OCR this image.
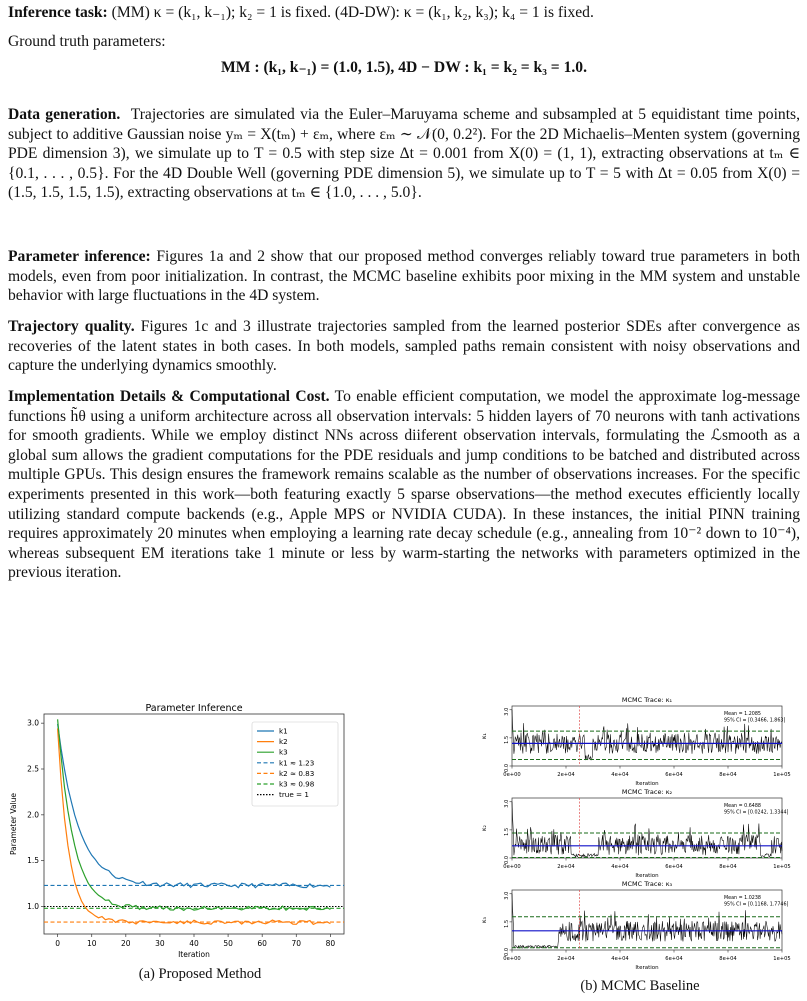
Inference task: (MM) κ = (k₁, k₋₁); k₂ = 1 is fixed. (4D-DW): κ = (k₁, k₂, k₃); k₄ = 1 is fixed.

Ground truth parameters:

MM : (k₁, k₋₁) = (1.0, 1.5), 4D − DW : k₁ = k₂ = k₃ = 1.0.

Data generation. Trajectories are simulated via the Euler–Maruyama scheme and subsampled at 5 equidistant time points, subject to additive Gaussian noise yₘ = X(tₘ) + εₘ, where εₘ ∼ 𝒩(0, 0.2²). For the 2D Michaelis–Menten system (governing PDE dimension 3), we simulate up to T = 0.5 with step size Δt = 0.001 from X(0) = (1, 1), extracting observations at tₘ ∈ {0.1, . . . , 0.5}. For the 4D Double Well (governing PDE dimension 5), we simulate up to T = 5 with Δt = 0.05 from X(0) = (1.5, 1.5, 1.5, 1.5), extracting observations at tₘ ∈ {1.0, . . . , 5.0}.

Parameter inference: Figures 1a and 2 show that our proposed method converges reliably toward true parameters in both models, even from poor initialization. In contrast, the MCMC baseline exhibits poor mixing in the MM system and unstable behavior with large fluctuations in the 4D system.

Trajectory quality. Figures 1c and 3 illustrate trajectories sampled from the learned posterior SDEs after convergence as recoveries of the latent states in both cases. In both models, sampled paths remain consistent with noisy observations and capture the underlying dynamics smoothly.

Implementation Details & Computational Cost. To enable efficient computation, we model the approximate log-message functions h̃θ using a uniform architecture across all observation intervals: 5 hidden layers of 70 neurons with tanh activations for smooth gradients. While we employ distinct NNs across diiferent observation intervals, formulating the ℒsmooth as a global sum allows the gradient computations for the PDE residuals and jump conditions to be batched and distributed across multiple GPUs. This design ensures the framework remains scalable as the number of observations increases. For the specific experiments presented in this work—both featuring exactly 5 sparse observations—the method executes efficiently locally utilizing standard compute backends (e.g., Apple MPS or NVIDIA CUDA). In these instances, the initial PINN training requires approximately 20 minutes when employing a learning rate decay schedule (e.g., annealing from 10⁻² down to 10⁻⁴), whereas subsequent EM iterations take 1 minute or less by warm-starting the networks with parameters optimized in the previous iteration.

Parameter Inference
0	10	20	30	40	50	60	70	80
1.0
1.5
2.0
2.5
3.0
Iteration
Parameter Value
k1
k2
k3
k1 ≈ 1.23
k2 ≈ 0.83
k3 ≈ 0.98
true = 1
(a) Proposed Method
MCMC Trace: κ₁
0e+00	2e+04	4e+04	6e+04	8e+04	1e+05
0.0
1.5
3.0
Iteration
κ₁
Mean = 1.2085
95% CI = [0.3466, 1.863]
MCMC Trace: κ₂
0e+00	2e+04	4e+04	6e+04	8e+04	1e+05
0.0
1.5
3.0
Iteration
κ₂
Mean = 0.6488
95% CI = [0.0242, 1.3344]
MCMC Trace: κ₃
0e+00	2e+04	4e+04	6e+04	8e+04	1e+05
0.0
1.5
3.0
Iteration
κ₃
Mean = 1.0238
95% CI = [0.1168, 1.7746]
(b) MCMC Baseline
